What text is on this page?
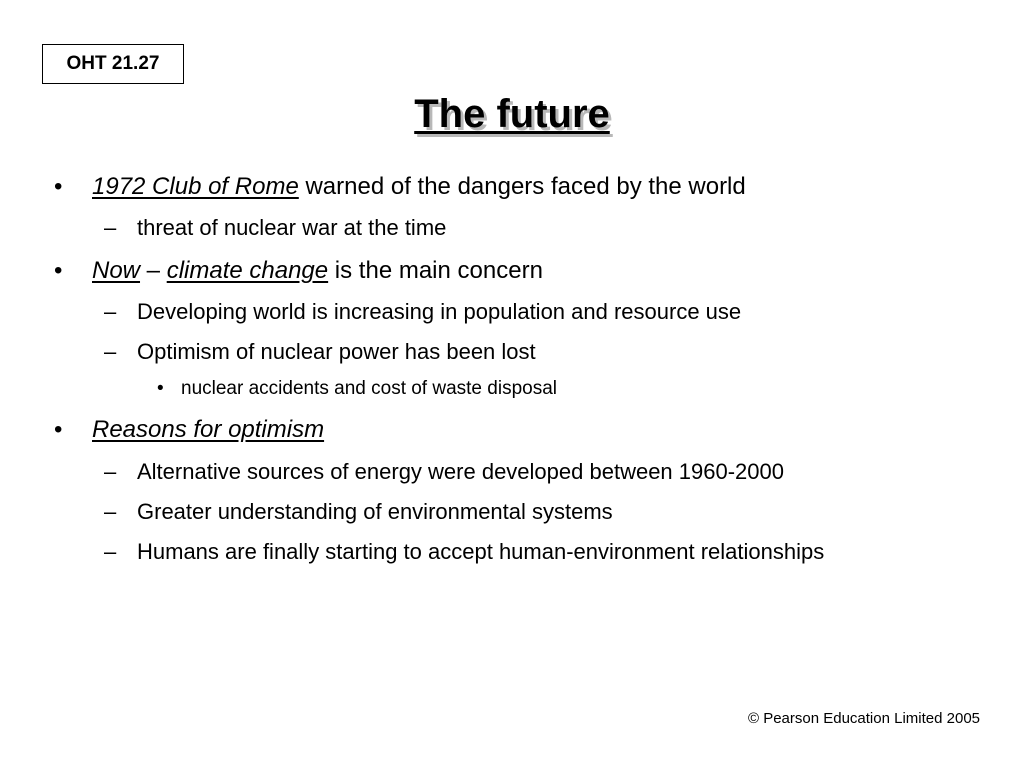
OHT 21.27
The future
• 1972 Club of Rome warned of the dangers faced by the world
– threat of nuclear war at the time
• Now – climate change is the main concern
– Developing world is increasing in population and resource use
– Optimism of nuclear power has been lost
• nuclear accidents and cost of waste disposal
• Reasons for optimism
– Alternative sources of energy were developed between 1960-2000
– Greater understanding of environmental systems
– Humans are finally starting to accept human-environment relationships
© Pearson Education Limited 2005
